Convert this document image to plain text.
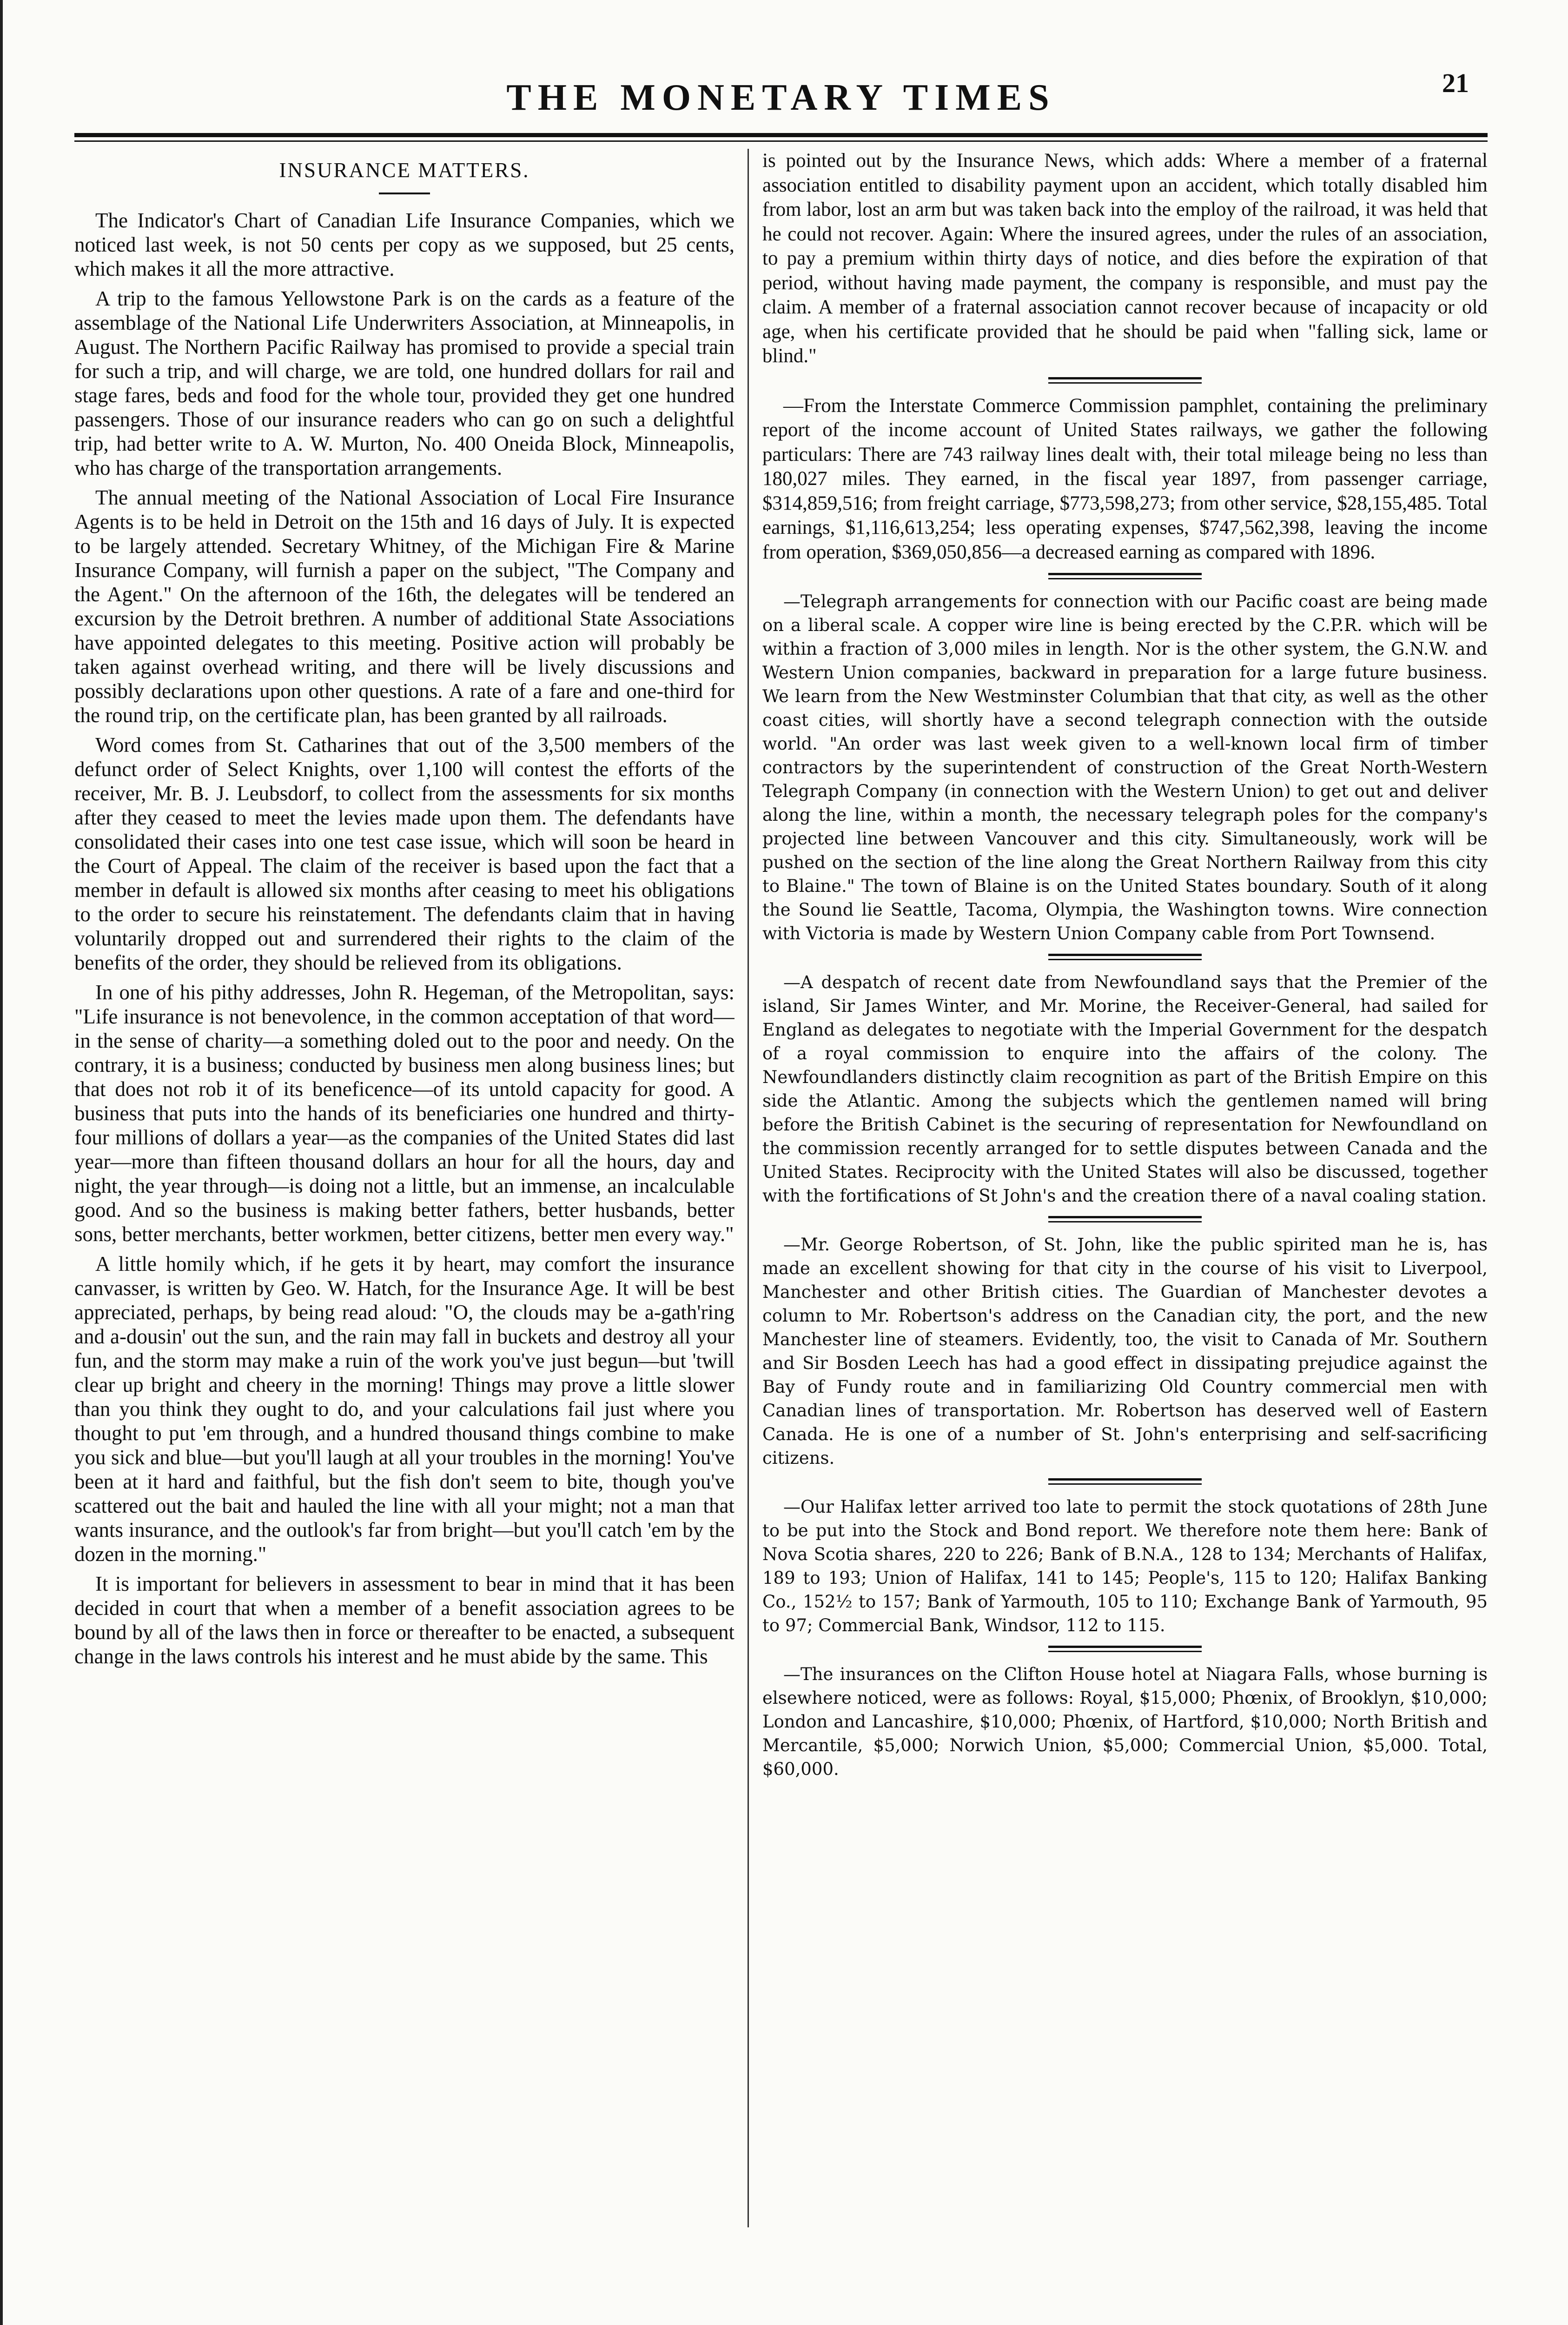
THE MONETARY TIMES	21
INSURANCE MATTERS.

The Indicator's Chart of Canadian Life Insurance Companies, which we noticed last week, is not 50 cents per copy as we supposed, but 25 cents, which makes it all the more attractive.

A trip to the famous Yellowstone Park is on the cards as a feature of the assemblage of the National Life Underwriters Association, at Minneapolis, in August. The Northern Pacific Railway has promised to provide a special train for such a trip, and will charge, we are told, one hundred dollars for rail and stage fares, beds and food for the whole tour, provided they get one hundred passengers. Those of our insurance readers who can go on such a delightful trip, had better write to A. W. Murton, No. 400 Oneida Block, Minneapolis, who has charge of the transportation arrangements.

The annual meeting of the National Association of Local Fire Insurance Agents is to be held in Detroit on the 15th and 16 days of July. It is expected to be largely attended. Secretary Whitney, of the Michigan Fire & Marine Insurance Company, will furnish a paper on the subject, "The Company and the Agent." On the afternoon of the 16th, the delegates will be tendered an excursion by the Detroit brethren. A number of additional State Associations have appointed delegates to this meeting. Positive action will probably be taken against overhead writing, and there will be lively discussions and possibly declarations upon other questions. A rate of a fare and one-third for the round trip, on the certificate plan, has been granted by all railroads.

Word comes from St. Catharines that out of the 3,500 members of the defunct order of Select Knights, over 1,100 will contest the efforts of the receiver, Mr. B. J. Leubsdorf, to collect from the assessments for six months after they ceased to meet the levies made upon them. The defendants have consolidated their cases into one test case issue, which will soon be heard in the Court of Appeal. The claim of the receiver is based upon the fact that a member in default is allowed six months after ceasing to meet his obligations to the order to secure his reinstatement. The defendants claim that in having voluntarily dropped out and surrendered their rights to the claim of the benefits of the order, they should be relieved from its obligations.

In one of his pithy addresses, John R. Hegeman, of the Metropolitan, says: "Life insurance is not benevolence, in the common acceptation of that word—in the sense of charity—a something doled out to the poor and needy. On the contrary, it is a business; conducted by business men along business lines; but that does not rob it of its beneficence—of its untold capacity for good. A business that puts into the hands of its beneficiaries one hundred and thirty-four millions of dollars a year—as the companies of the United States did last year—more than fifteen thousand dollars an hour for all the hours, day and night, the year through—is doing not a little, but an immense, an incalculable good. And so the business is making better fathers, better husbands, better sons, better merchants, better workmen, better citizens, better men every way."

A little homily which, if he gets it by heart, may comfort the insurance canvasser, is written by Geo. W. Hatch, for the Insurance Age. It will be best appreciated, perhaps, by being read aloud: "O, the clouds may be a-gath'ring and a-dousin' out the sun, and the rain may fall in buckets and destroy all your fun, and the storm may make a ruin of the work you've just begun—but 'twill clear up bright and cheery in the morning! Things may prove a little slower than you think they ought to do, and your calculations fail just where you thought to put 'em through, and a hundred thousand things combine to make you sick and blue—but you'll laugh at all your troubles in the morning! You've been at it hard and faithful, but the fish don't seem to bite, though you've scattered out the bait and hauled the line with all your might; not a man that wants insurance, and the outlook's far from bright—but you'll catch 'em by the dozen in the morning."

It is important for believers in assessment to bear in mind that it has been decided in court that when a member of a benefit association agrees to be bound by all of the laws then in force or thereafter to be enacted, a subsequent change in the laws controls his interest and he must abide by the same. This

is pointed out by the Insurance News, which adds: Where a member of a fraternal association entitled to disability payment upon an accident, which totally disabled him from labor, lost an arm but was taken back into the employ of the railroad, it was held that he could not recover. Again: Where the insured agrees, under the rules of an association, to pay a premium within thirty days of notice, and dies before the expiration of that period, without having made payment, the company is responsible, and must pay the claim. A member of a fraternal association cannot recover because of incapacity or old age, when his certificate provided that he should be paid when "falling sick, lame or blind."

—From the Interstate Commerce Commission pamphlet, containing the preliminary report of the income account of United States railways, we gather the following particulars: There are 743 railway lines dealt with, their total mileage being no less than 180,027 miles. They earned, in the fiscal year 1897, from passenger carriage, $314,859,516; from freight carriage, $773,598,273; from other service, $28,155,485. Total earnings, $1,116,613,254; less operating expenses, $747,562,398, leaving the income from operation, $369,050,856—a decreased earning as compared with 1896.

—Telegraph arrangements for connection with our Pacific coast are being made on a liberal scale. A copper wire line is being erected by the C.P.R. which will be within a fraction of 3,000 miles in length. Nor is the other system, the G.N.W. and Western Union companies, backward in preparation for a large future business. We learn from the New Westminster Columbian that that city, as well as the other coast cities, will shortly have a second telegraph connection with the outside world. "An order was last week given to a well-known local firm of timber contractors by the superintendent of construction of the Great North-Western Telegraph Company (in connection with the Western Union) to get out and deliver along the line, within a month, the necessary telegraph poles for the company's projected line between Vancouver and this city. Simultaneously, work will be pushed on the section of the line along the Great Northern Railway from this city to Blaine." The town of Blaine is on the United States boundary. South of it along the Sound lie Seattle, Tacoma, Olympia, the Washington towns. Wire connection with Victoria is made by Western Union Company cable from Port Townsend.

—A despatch of recent date from Newfoundland says that the Premier of the island, Sir James Winter, and Mr. Morine, the Receiver-General, had sailed for England as delegates to negotiate with the Imperial Government for the despatch of a royal commission to enquire into the affairs of the colony. The Newfoundlanders distinctly claim recognition as part of the British Empire on this side the Atlantic. Among the subjects which the gentlemen named will bring before the British Cabinet is the securing of representation for Newfoundland on the commission recently arranged for to settle disputes between Canada and the United States. Reciprocity with the United States will also be discussed, together with the fortifications of St John's and the creation there of a naval coaling station.

—Mr. George Robertson, of St. John, like the public spirited man he is, has made an excellent showing for that city in the course of his visit to Liverpool, Manchester and other British cities. The Guardian of Manchester devotes a column to Mr. Robertson's address on the Canadian city, the port, and the new Manchester line of steamers. Evidently, too, the visit to Canada of Mr. Southern and Sir Bosden Leech has had a good effect in dissipating prejudice against the Bay of Fundy route and in familiarizing Old Country commercial men with Canadian lines of transportation. Mr. Robertson has deserved well of Eastern Canada. He is one of a number of St. John's enterprising and self-sacrificing citizens.

—Our Halifax letter arrived too late to permit the stock quotations of 28th June to be put into the Stock and Bond report. We therefore note them here: Bank of Nova Scotia shares, 220 to 226; Bank of B.N.A., 128 to 134; Merchants of Halifax, 189 to 193; Union of Halifax, 141 to 145; People's, 115 to 120; Halifax Banking Co., 152½ to 157; Bank of Yarmouth, 105 to 110; Exchange Bank of Yarmouth, 95 to 97; Commercial Bank, Windsor, 112 to 115.

—The insurances on the Clifton House hotel at Niagara Falls, whose burning is elsewhere noticed, were as follows: Royal, $15,000; Phœnix, of Brooklyn, $10,000; London and Lancashire, $10,000; Phœnix, of Hartford, $10,000; North British and Mercantile, $5,000; Norwich Union, $5,000; Commercial Union, $5,000. Total, $60,000.
